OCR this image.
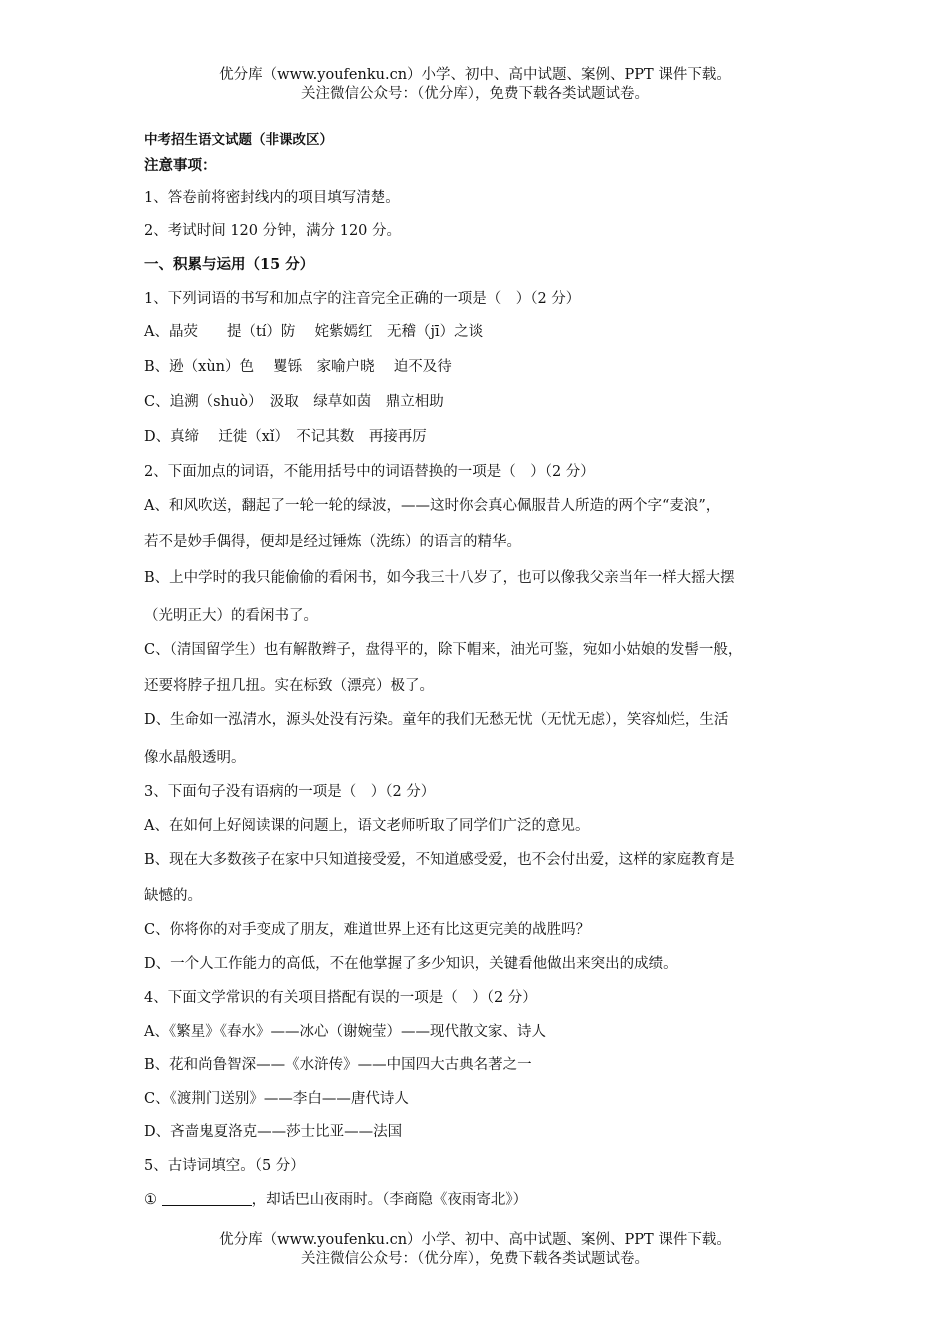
优分库（www.youfenku.cn）小学、初中、高中试题、案例、PPT 课件下载。
关注微信公众号：（优分库），免费下载各类试题试卷。
中考招生语文试题（非课改区）
注意事项：
1、答卷前将密封线内的项目填写清楚。
2、考试时间 120 分钟，满分 120 分。
一、积累与运用（15 分）
1、下列词语的书写和加点字的注音完全正确的一项是（　）（2 分）
A、晶荧　　提（tí）防　 姹紫嫣红　无稽（jī）之谈
B、逊（xùn）色　 矍铄　家喻户晓　 迫不及待
C、追溯（shuò）　汲取　绿草如茵　鼎立相助
D、真缔　 迁徙（xǐ）　不记其数　再接再厉
2、下面加点的词语，不能用括号中的词语替换的一项是（　）（2 分）
A、和风吹送，翻起了一轮一轮的绿波，——这时你会真心佩服昔人所造的两个字“麦浪”，
若不是妙手偶得，便却是经过锤炼（洗练）的语言的精华。
B、上中学时的我只能偷偷的看闲书，如今我三十八岁了，也可以像我父亲当年一样大摇大摆
（光明正大）的看闲书了。
C、（清国留学生）也有解散辫子，盘得平的，除下帽来，油光可鉴，宛如小姑娘的发髻一般，
还要将脖子扭几扭。实在标致（漂亮）极了。
D、生命如一泓清水，源头处没有污染。童年的我们无愁无忧（无忧无虑），笑容灿烂，生活
像水晶般透明。
3、下面句子没有语病的一项是（　）（2 分）
A、在如何上好阅读课的问题上，语文老师听取了同学们广泛的意见。
B、现在大多数孩子在家中只知道接受爱，不知道感受爱，也不会付出爱，这样的家庭教育是
缺憾的。
C、你将你的对手变成了朋友，难道世界上还有比这更完美的战胜吗？
D、一个人工作能力的高低，不在他掌握了多少知识，关键看他做出来突出的成绩。
4、下面文学常识的有关项目搭配有误的一项是（　）（2 分）
A、《繁星》《春水》——冰心（谢婉莹）——现代散文家、诗人
B、花和尚鲁智深——《水浒传》——中国四大古典名著之一
C、《渡荆门送别》——李白——唐代诗人
D、吝啬鬼夏洛克——莎士比亚——法国
5、古诗词填空。（5 分）
①	，却话巴山夜雨时。（李商隐《夜雨寄北》）
优分库（www.youfenku.cn）小学、初中、高中试题、案例、PPT 课件下载。
关注微信公众号：（优分库），免费下载各类试题试卷。
